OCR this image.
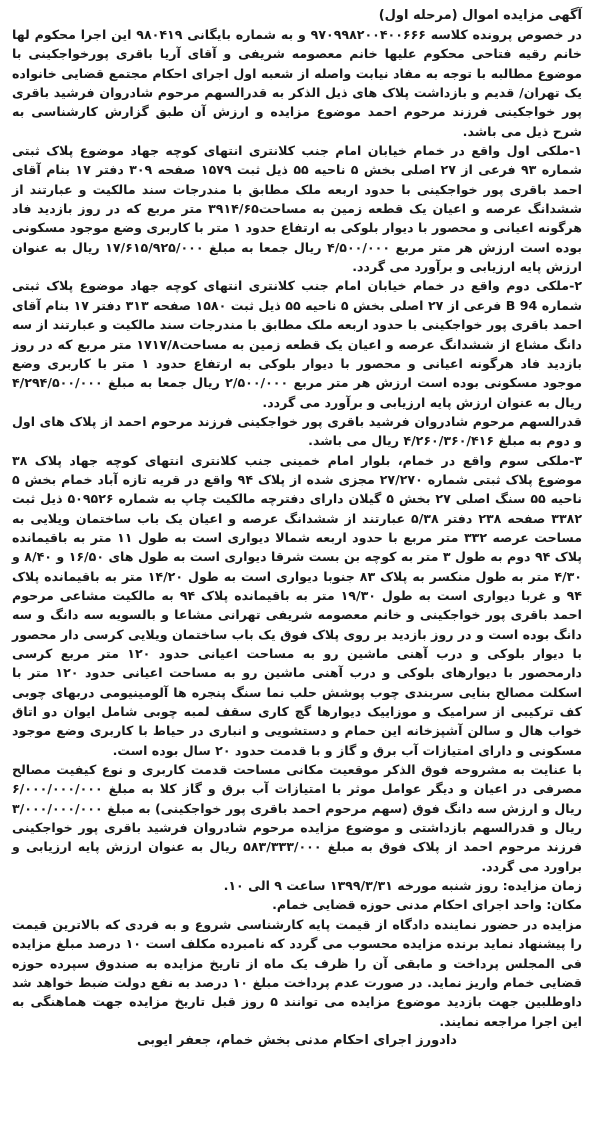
آگهی مزایده اموال (مرحله اول)

در خصوص پرونده کلاسه ۹۷۰۹۹۸۲۰۰۴۰۰۶۶۶ و به شماره بایگانی ۹۸۰۴۱۹ این اجرا محکوم لها خانم رقیه فتاحی محکوم علیها خانم معصومه شریفی و آقای آریا باقری پورخواجکینی با موضوع مطالبه با توجه به مفاد نیابت واصله از شعبه اول اجرای احکام مجتمع قضایی خانواده یک تهران/ قدیم و بازداشت پلاک های ذیل الذکر به قدرالسهم مرحوم شادروان فرشید باقری پور خواجکینی فرزند مرحوم احمد موضوع مزایده و ارزش آن طبق گزارش کارشناسی به شرح ذیل می باشد.

۱-ملکی اول واقع در خمام خیابان امام جنب کلانتری انتهای کوچه جهاد موضوع پلاک ثبتی شماره ۹۳ فرعی از ۲۷ اصلی بخش ۵ ناحیه ۵۵ ذیل ثبت ۱۵۷۹ صفحه ۳۰۹ دفتر ۱۷ بنام آقای احمد باقری پور خواجکینی با حدود اربعه ملک مطابق با مندرجات سند مالکیت و عبارتند از ششدانگ عرصه و اعیان یک قطعه زمین به مساحت۳۹۱۴/۶۵ متر مربع که در روز بازدید فاد هرگونه اعیانی و محصور با دیوار بلوکی به ارتفاع حدود ۱ متر با کاربری وضع موجود مسکونی بوده است ارزش هر متر مربع ۴/۵۰۰/۰۰۰ ریال جمعا به مبلغ ۱۷/۶۱۵/۹۲۵/۰۰۰ ریال به عنوان ارزش پایه ارزیابی و برآورد می گردد.

۲-ملکی دوم واقع در خمام خیابان امام جنب کلانتری انتهای کوچه جهاد موضوع پلاک ثبتی شماره 94 B فرعی از ۲۷ اصلی بخش ۵ ناحیه ۵۵ ذیل ثبت ۱۵۸۰ صفحه ۳۱۳ دفتر ۱۷ بنام آقای احمد باقری پور خواجکینی با حدود اربعه ملک مطابق با مندرجات سند مالکیت و عبارتند از سه دانگ مشاع از ششدانگ عرصه و اعیان یک قطعه زمین به مساحت۱۷۱۷/۸ متر مربع که در روز بازدید فاد هرگونه اعیانی و محصور با دیوار بلوکی به ارتفاع حدود ۱ متر با کاربری وضع موجود مسکونی بوده است ارزش هر متر مربع ۲/۵۰۰/۰۰۰ ریال جمعا به مبلغ ۴/۲۹۴/۵۰۰/۰۰۰ ریال به عنوان ارزش پایه ارزیابی و برآورد می گردد.

قدرالسهم مرحوم شادروان فرشید باقری پور خواجکینی فرزند مرحوم احمد از پلاک های اول و دوم به مبلغ ۴/۲۶۰/۳۶۰/۴۱۶ ریال می باشد.

۳-ملکی سوم واقع در خمام، بلوار امام خمینی جنب کلانتری انتهای کوچه جهاد پلاک ۳۸ موضوع پلاک ثبتی شماره ۲۷/۲۷۰ مجزی شده از پلاک ۹۴ واقع در قریه تازه آباد خمام بخش ۵ ناحیه ۵۵ سنگ اصلی ۲۷ بخش ۵ گیلان دارای دفترچه مالکیت چاپ به شماره ۵۰۹۵۲۶ ذیل ثبت ۳۳۸۲ صفحه ۲۳۸ دفتر ۵/۳۸ عبارتند از ششدانگ عرصه و اعیان یک باب ساختمان ویلایی به مساحت عرصه ۳۳۲ متر مربع با حدود اربعه شمالا دیواری است به طول ۱۱ متر به باقیمانده پلاک ۹۴ دوم به طول ۳ متر به کوچه بن بست شرقا دیواری است به طول های ۱۶/۵۰ و ۸/۴۰ و ۴/۳۰ متر به طول منکسر به پلاک ۸۳ جنوبا دیواری است به طول ۱۴/۲۰ متر به باقیمانده پلاک ۹۴ و غربا دیواری است به طول ۱۹/۳۰ متر به باقیمانده پلاک ۹۴ به مالکیت مشاعی مرحوم احمد باقری پور خواجکینی و خانم معصومه شریفی تهرانی مشاعا و بالسویه سه دانگ و سه دانگ بوده است و در روز بازدید بر روی پلاک فوق یک باب ساختمان ویلایی کرسی دار محصور با دیوار بلوکی و درب آهنی ماشین رو به مساحت اعیانی حدود ۱۲۰ متر مربع کرسی دارمحصور با دیوارهای بلوکی و درب آهنی ماشین رو به مساحت اعیانی حدود ۱۲۰ متر با اسکلت مصالح بنایی سربندی چوب پوشش حلب نما سنگ پنجره ها آلومینیومی دربهای چوبی کف ترکیبی از سرامیک و موزاییک دیوارها گچ کاری سقف لمبه چوبی شامل ایوان دو اتاق خواب هال و سالن آشپزخانه این حمام و دستشویی و انباری در حیاط با کاربری وضع موجود مسکونی و دارای امتیازات آب برق و گاز و با قدمت حدود ۲۰ سال بوده است.

با عنایت به مشروحه فوق الذکر موقعیت مکانی مساحت قدمت کاربری و نوع کیفیت مصالح مصرفی در اعیان و دیگر عوامل موثر با امتیازات آب برق و گاز کلا به مبلغ ۶/۰۰۰/۰۰۰/۰۰۰ ریال و ارزش سه دانگ فوق (سهم مرحوم احمد باقری پور خواجکینی) به مبلغ ۳/۰۰۰/۰۰۰/۰۰۰ ریال و قدرالسهم بازداشتی و موضوع مزایده مرحوم شادروان فرشید باقری پور خواجکینی فرزند مرحوم احمد از پلاک فوق به مبلغ ۵۸۳/۳۳۳/۰۰۰ ریال به عنوان ارزش پایه ارزیابی و براورد می گردد.

زمان مزایده: روز شنبه مورخه ۱۳۹۹/۳/۳۱ ساعت ۹ الی ۱۰.

مکان: واحد اجرای احکام مدنی حوزه قضایی خمام.

مزایده در حضور نماینده دادگاه از قیمت پایه کارشناسی شروع و به فردی که بالاترین قیمت را پیشنهاد نماید برنده مزایده محسوب می گردد که نامبرده مکلف است ۱۰ درصد مبلغ مزایده فی المجلس پرداخت و مابقی آن را ظرف یک ماه از تاریخ مزایده به صندوق سپرده حوزه قضایی خمام واریز نماید. در صورت عدم پرداخت مبلغ ۱۰ درصد به نفع دولت ضبط خواهد شد داوطلبین جهت بازدید موضوع مزایده می توانند ۵ روز قبل تاریخ مزایده جهت هماهنگی به این اجرا مراجعه نمایند.

دادورز اجرای احکام مدنی بخش خمام، جعفر ایوبی
